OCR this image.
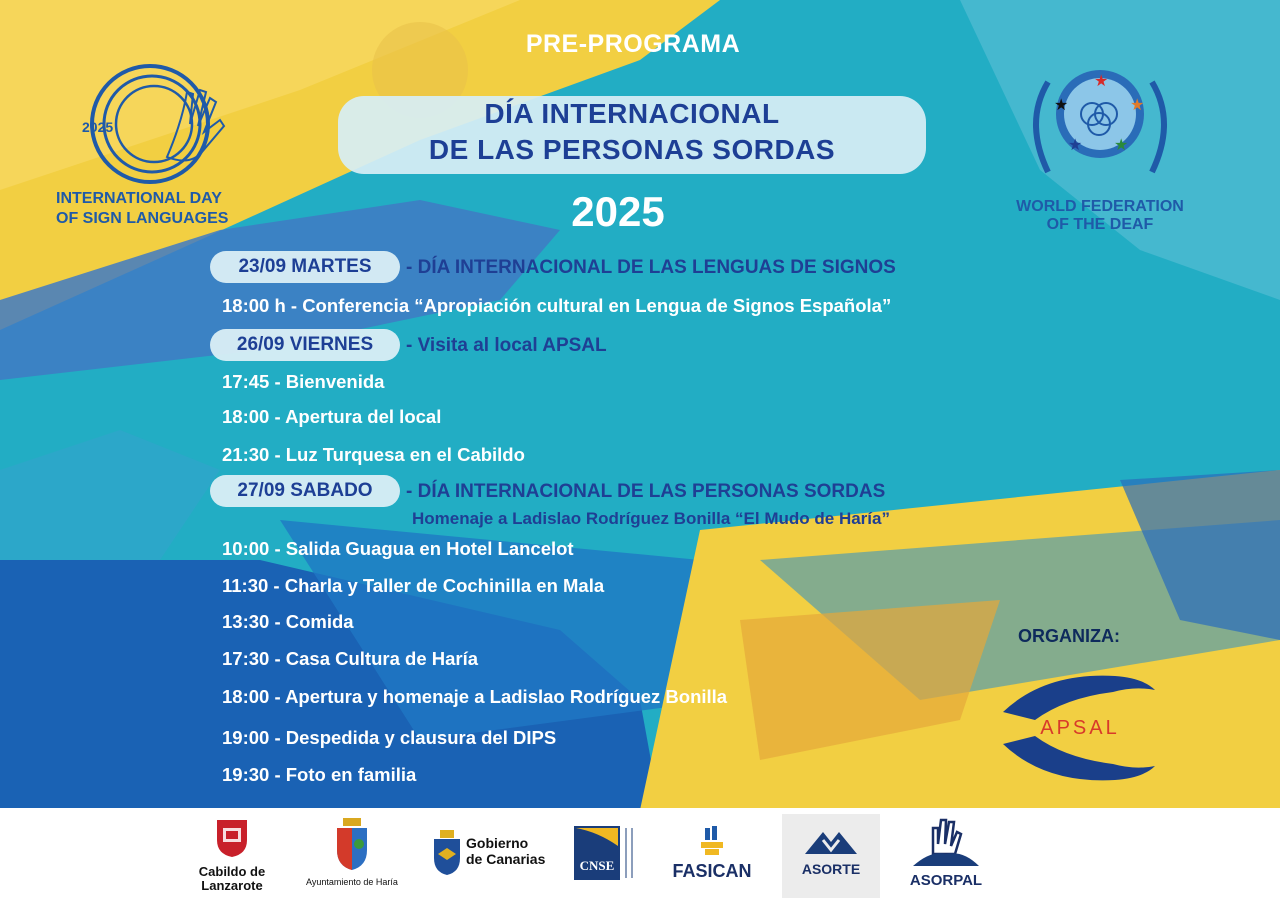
2025
INTERNATIONAL DAY
OF SIGN LANGUAGES
★
★	★
★ ★
WORLD FEDERATION
OF THE DEAF
PRE-PROGRAMA
DÍA INTERNACIONAL
DE LAS PERSONAS SORDAS
2025
23/09 MARTES	- DÍA INTERNACIONAL DE LAS LENGUAS DE SIGNOS
18:00 h - Conferencia “Apropiación cultural en Lengua de Signos Española”
26/09 VIERNES	- Visita al local APSAL
17:45 - Bienvenida
18:00 - Apertura del local
21:30 - Luz Turquesa en el Cabildo
27/09 SABADO	- DÍA INTERNACIONAL DE LAS PERSONAS SORDAS
Homenaje a Ladislao Rodríguez Bonilla “El Mudo de Haría”
10:00 - Salida Guagua en Hotel Lancelot
11:30 - Charla y Taller de Cochinilla en Mala
13:30 - Comida
17:30 - Casa Cultura de Haría
18:00 - Apertura y homenaje a Ladislao Rodríguez Bonilla
19:00 - Despedida y clausura del DIPS
19:30 - Foto en familia
ORGANIZA:
APSAL
Cabildo de
Lanzarote	Ayuntamiento de Haría
Gobierno
de Canarias	CNSE	FASICAN	ASORTE
ASORPAL
